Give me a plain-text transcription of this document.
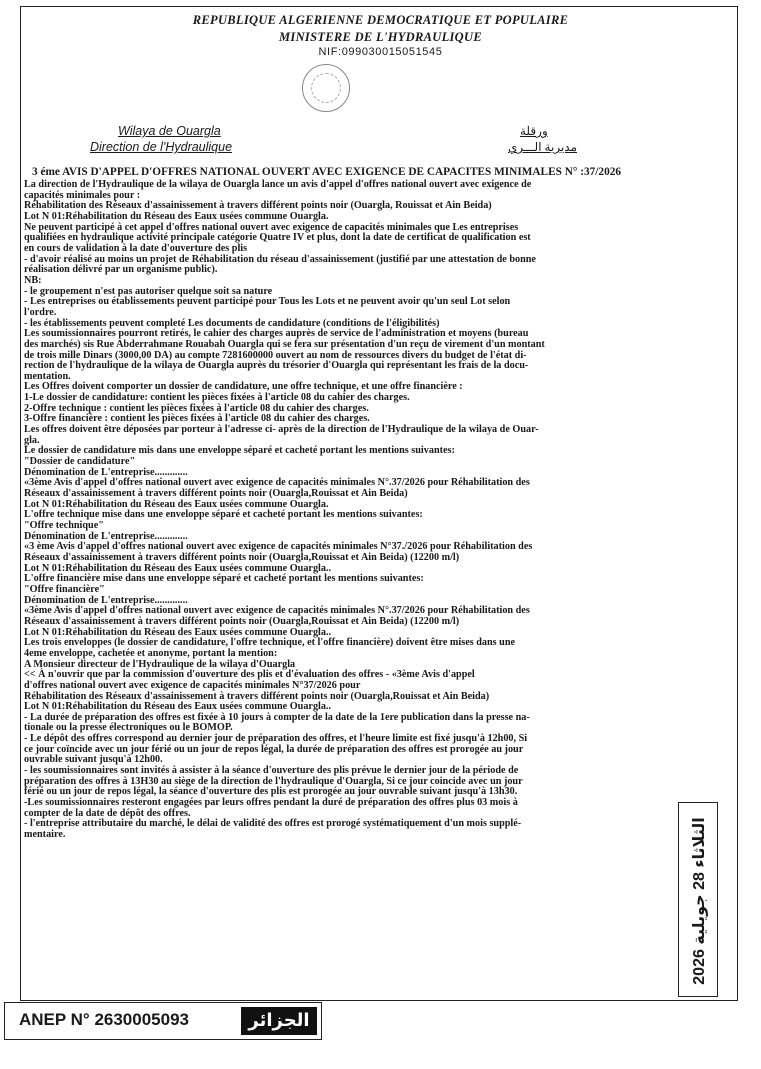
REPUBLIQUE ALGERIENNE DEMOCRATIQUE ET POPULAIRE
MINISTERE DE L'HYDRAULIQUE
NIF:099030015051545
Wilaya de Ouargla
Direction de l'Hydraulique
ورقلة
مديرية الـــري
3 éme AVIS D'APPEL D'OFFRES NATIONAL OUVERT AVEC EXIGENCE DE CAPACITES MINIMALES N° :37/2026
La direction de l'Hydraulique de la wilaya de Ouargla lance un avis d'appel d'offres national ouvert avec exigence de
capacités minimales pour :
Réhabilitation des Réseaux d'assainissement à travers différent points noir (Ouargla, Rouissat et Ain Beida)
Lot N 01:Réhabilitation du Réseau des Eaux usées commune Ouargla.
Ne peuvent participé à cet appel d'offres national ouvert avec exigence de capacités minimales que Les entreprises
qualifiées en hydraulique activité principale catégorie Quatre IV et plus, dont la date de certificat de qualification est
en cours de validation à la date d'ouverture des plis
- d'avoir réalisé au moins un projet de Réhabilitation du réseau d'assainissement (justifié par une attestation de bonne
réalisation délivré par un organisme public).
NB:
- le groupement n'est pas autoriser quelque soit sa nature
- Les entreprises ou établissements peuvent participé pour Tous les Lots et ne peuvent avoir qu'un seul Lot selon
l'ordre.
- les établissements peuvent completé Les documents de candidature (conditions de l'éligibilités)
Les soumissionnaires pourront retirés, le cahier des charges auprès de service de l'administration et moyens (bureau
des marchés) sis Rue Abderrahmane Rouabah Ouargla qui se fera sur présentation d'un reçu de virement d'un montant
de trois mille Dinars (3000,00 DA) au compte 7281600000 ouvert au nom de ressources divers du budget de l'état di-
rection de l'hydraulique de la wilaya de Ouargla auprès du trésorier d'Ouargla qui représentant les frais de la docu-
mentation.
Les Offres doivent comporter un dossier de candidature, une offre technique, et une offre financière :
1-Le dossier de candidature: contient les pièces fixées à l'article 08 du cahier des charges.
2-Offre technique : contient les pièces fixées à l'article 08 du cahier des charges.
3-Offre financière : contient les pièces fixées à l'article 08 du cahier des charges.
Les offres doivent être déposées par porteur à l'adresse ci- après de la direction de l'Hydraulique de la wilaya de Ouar-
gla.
Le dossier de candidature mis dans une enveloppe séparé et cacheté portant les mentions suivantes:
"Dossier de candidature"
Dénomination de L'entreprise.............
«3ème Avis d'appel d'offres national ouvert avec exigence de capacités minimales N°.37/2026 pour Réhabilitation des
Réseaux d'assainissement à travers différent points noir (Ouargla,Rouissat et Ain Beida)
Lot N 01:Réhabilitation du Réseau des Eaux usées commune Ouargla.
L'offre technique mise dans une enveloppe séparé et cacheté portant les mentions suivantes:
"Offre technique"
Dénomination de L'entreprise.............
«3 ème Avis d'appel d'offres national ouvert avec exigence de capacités minimales N°37./2026 pour Réhabilitation des
Réseaux d'assainissement à travers différent points noir (Ouargla,Rouissat et Ain Beida) (12200 m/l)
Lot N 01:Réhabilitation du Réseau des Eaux usées commune Ouargla..
L'offre financière mise dans une enveloppe séparé et cacheté portant les mentions suivantes:
"Offre financière"
Dénomination de L'entreprise.............
«3ème Avis d'appel d'offres national ouvert avec exigence de capacités minimales N°.37/2026 pour Réhabilitation des
Réseaux d'assainissement à travers différent points noir (Ouargla,Rouissat et Ain Beida) (12200 m/l)
Lot N 01:Réhabilitation du Réseau des Eaux usées commune Ouargla..
Les trois enveloppes (le dossier de candidature, l'offre technique, et l'offre financière) doivent être mises dans une
4eme enveloppe, cachetée et anonyme, portant la mention:
A Monsieur directeur de l'Hydraulique de la wilaya d'Ouargla
<< À n'ouvrir que par la commission d'ouverture des plis et d'évaluation des offres - «3ème Avis d'appel
d'offres national ouvert avec exigence de capacités minimales N°37/2026 pour
Réhabilitation des Réseaux d'assainissement à travers différent points noir (Ouargla,Rouissat et Ain Beida)
Lot N 01:Réhabilitation du Réseau des Eaux usées commune Ouargla..
- La durée de préparation des offres est fixée à 10 jours à compter de la date de la 1ere publication dans la presse na-
tionale ou la presse électroniques ou le BOMOP.
- Le dépôt des offres correspond au dernier jour de préparation des offres, et l'heure limite est fixé jusqu'à 12h00, Si
ce jour coïncide avec un jour férié ou un jour de repos légal, la durée de préparation des offres est prorogée au jour
ouvrable suivant jusqu'à 12h00.
- les soumissionnaires sont invités à assister à la séance d'ouverture des plis prévue le dernier jour de la période de
préparation des offres à 13H30 au siège de la direction de l'hydraulique d'Ouargla, Si ce jour coincide avec un jour
férié ou un jour de repos légal, la séance d'ouverture des plis est prorogée au jour ouvrable suivant jusqu'à 13h30.
-Les soumissionnaires resteront engagées par leurs offres pendant la duré de préparation des offres plus 03 mois à
compter de la date de dépôt des offres.
- l'entreprise attributaire du marché, le délai de validité des offres est prorogé systématiquement d'un mois supplé-
mentaire.
الثلاثاء 28 جويلية 2026
ANEP N° 2630005093	الجزائر
